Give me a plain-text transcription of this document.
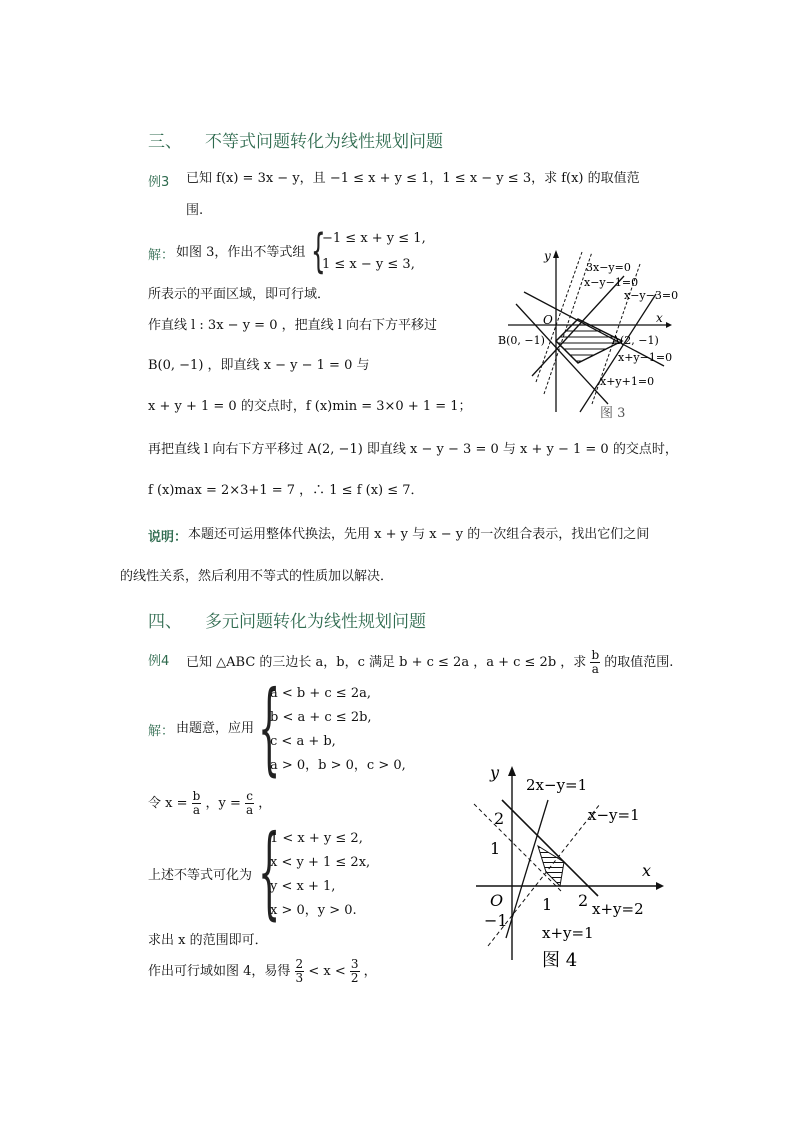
三、 不等式问题转化为线性规划问题
例3 已知 f(x) = 3x − y，且 −1 ≤ x + y ≤ 1，1 ≤ x − y ≤ 3，求 f(x) 的取值范
围.
解： 如图 3，作出不等式组 {
−1 ≤ x + y ≤ 1,
1 ≤ x − y ≤ 3,
所表示的平面区域，即可行域．
作直线 l : 3x − y = 0 ，把直线 l 向右下方平移过
B(0, −1) ，即直线 x − y − 1 = 0 与
x + y + 1 = 0 的交点时，f (x)min = 3×0 + 1 = 1；
再把直线 l 向右下方平移过 A(2, −1) 即直线 x − y − 3 = 0 与 x + y − 1 = 0 的交点时，
f (x)max = 2×3+1 = 7 ，∴ 1 ≤ f (x) ≤ 7．
说明： 本题还可运用整体代换法，先用 x + y 与 x − y 的一次组合表示，找出它们之间
的线性关系，然后利用不等式的性质加以解决．
y
x
O
B(0, −1)	A(2, −1)
3x−y=0
x−y−1=0
x−y−3=0
x+y−1=0
x+y+1=0
图 3
四、 多元问题转化为线性规划问题
例4 已知 △ABC 的三边长 a，b，c 满足 b + c ≤ 2a ，a + c ≤ 2b ，求 $\frac{b}{a}$ 的取值范围.
解： 由题意，应用 {
a < b + c ≤ 2a,
b < a + c ≤ 2b,
c < a + b,
a > 0，b > 0，c > 0,
令 $x = \frac{b}{a}$ ，$y = \frac{c}{a}$ ，
上述不等式可化为 {
1 < x + y ≤ 2,
x < y + 1 ≤ 2x,
y < x + 1,
x > 0，y > 0.
求出 x 的范围即可．
作出可行域如图 4，易得 $\frac{2}{3} < x < \frac{3}{2}$ ，
y
x
O
2
1
−1
1 2
2x−y=1
x−y=1
x+y=2
x+y=1
图 4
